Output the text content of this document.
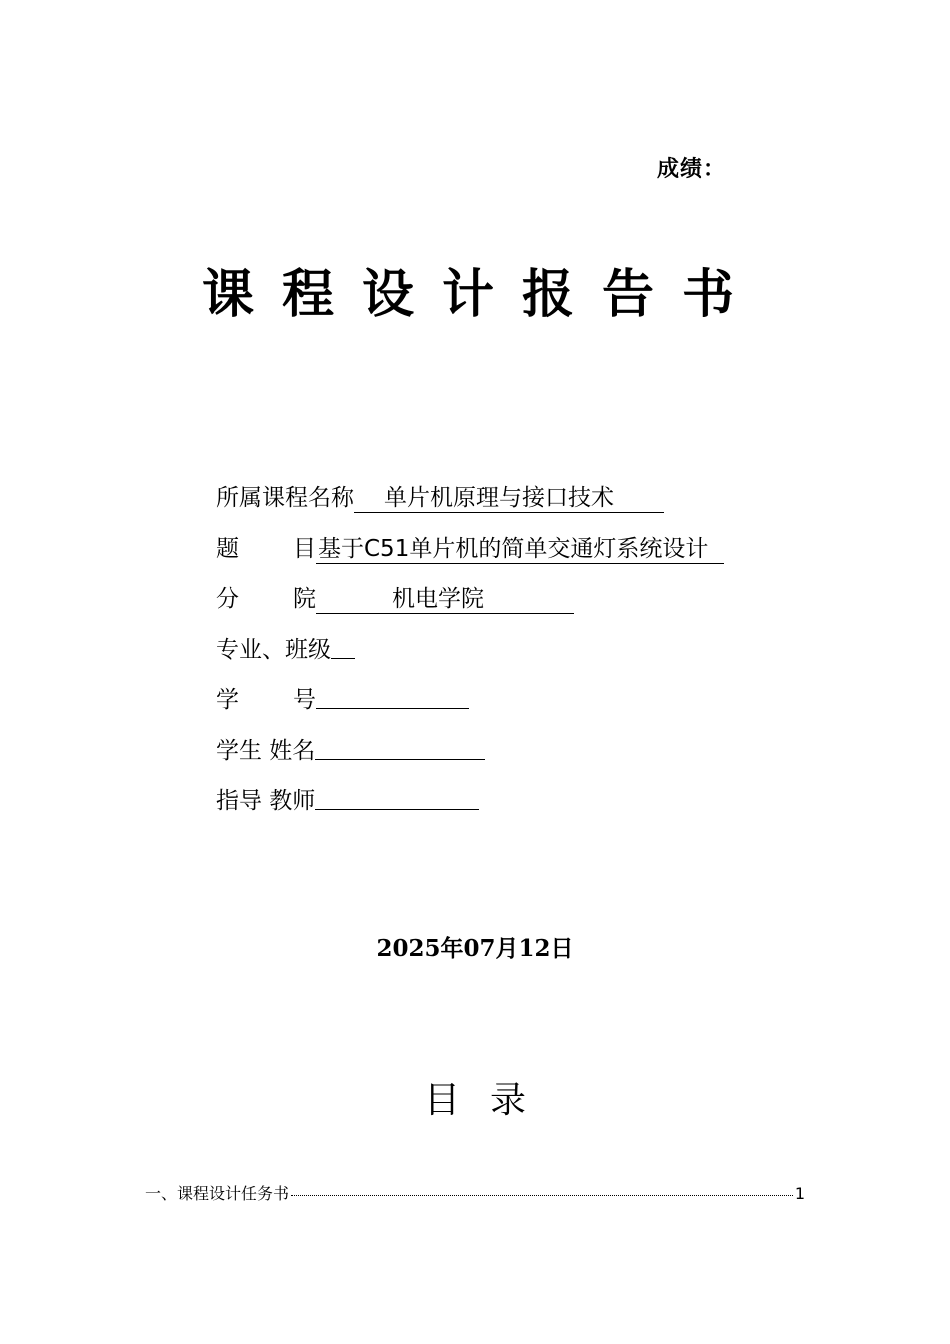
成绩：
课程设计报告书
所属课程名称 单片机原理与接口技术
题 目基于C51单片机的简单交通灯系统设计
分 院	机电学院
专业、班级
学 号
学生 姓名
指导 教师
2025年07月12日
目录
一、课程设计任务书	1
